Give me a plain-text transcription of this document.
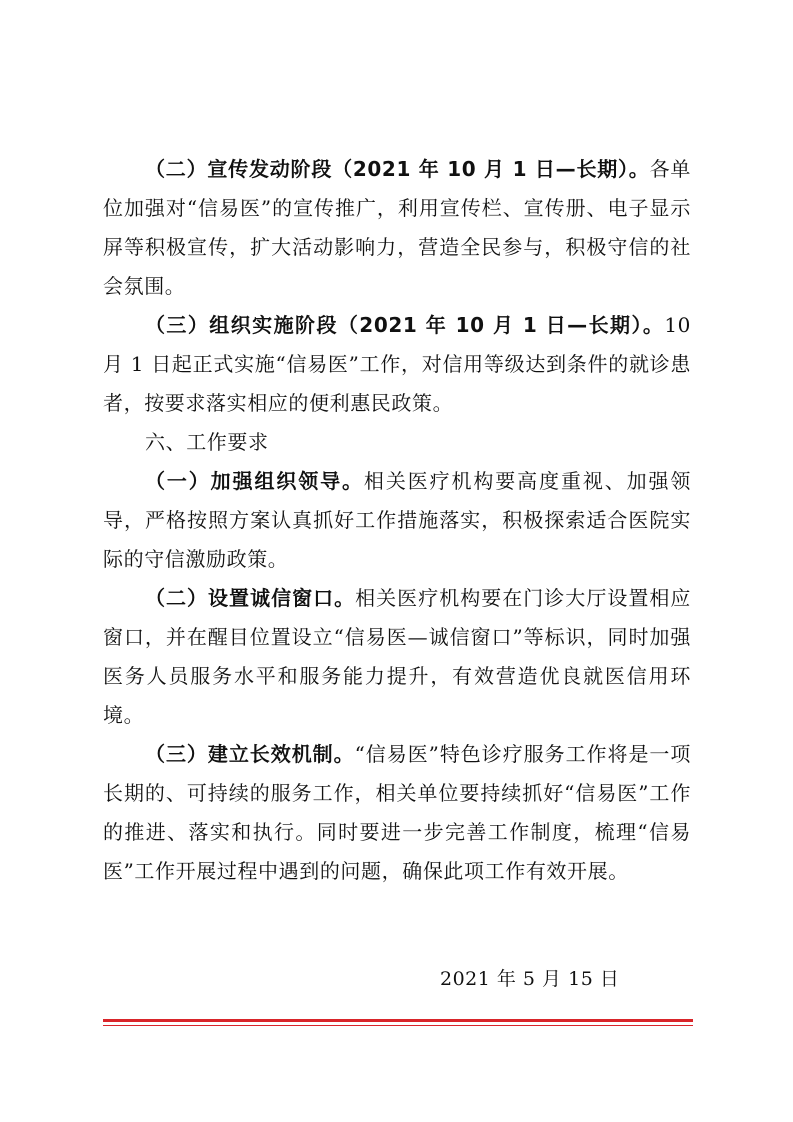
（二）宣传发动阶段（2021 年 10 月 1 日—长期）。各单位加强对“信易医”的宣传推广，利用宣传栏、宣传册、电子显示屏等积极宣传，扩大活动影响力，营造全民参与，积极守信的社会氛围。

（三）组织实施阶段（2021 年 10 月 1 日—长期）。10 月 1 日起正式实施“信易医”工作，对信用等级达到条件的就诊患者，按要求落实相应的便利惠民政策。

六、工作要求

（一）加强组织领导。相关医疗机构要高度重视、加强领导，严格按照方案认真抓好工作措施落实，积极探索适合医院实际的守信激励政策。

（二）设置诚信窗口。相关医疗机构要在门诊大厅设置相应窗口，并在醒目位置设立“信易医—诚信窗口”等标识，同时加强医务人员服务水平和服务能力提升，有效营造优良就医信用环境。

（三）建立长效机制。“信易医”特色诊疗服务工作将是一项长期的、可持续的服务工作，相关单位要持续抓好“信易医”工作的推进、落实和执行。同时要进一步完善工作制度，梳理“信易医”工作开展过程中遇到的问题，确保此项工作有效开展。

2021 年 5 月 15 日
